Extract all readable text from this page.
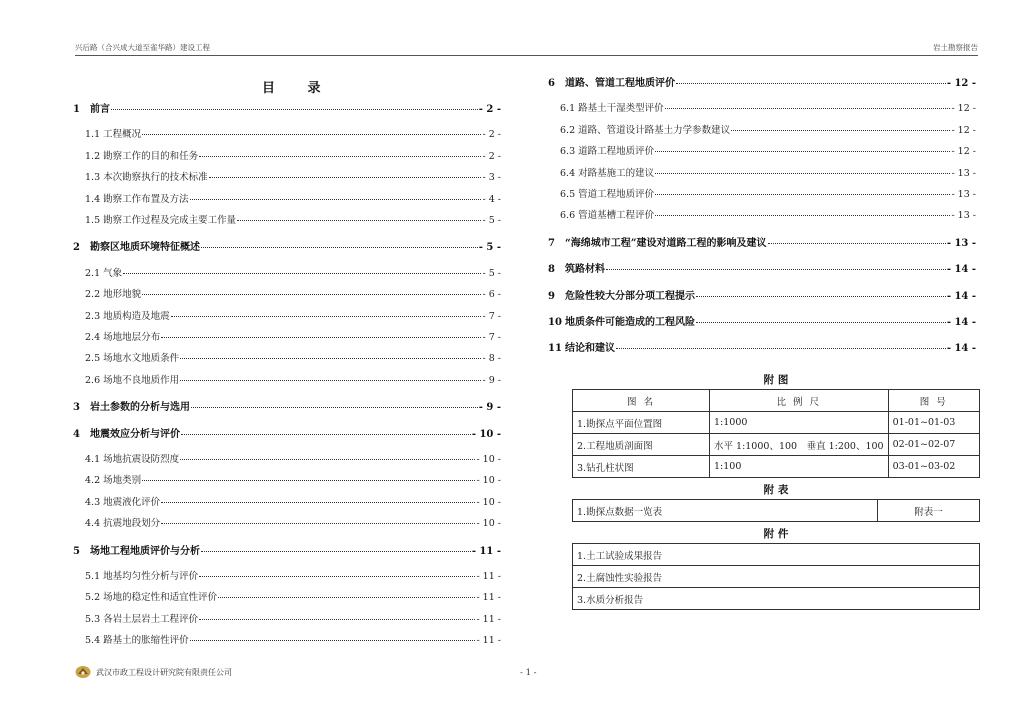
兴后路（合兴成大道至雀华路）建设工程	岩土勘察报告
目 录
1	前言	- 2 -
1.1 工程概况	- 2 -
1.2 勘察工作的目的和任务	- 2 -
1.3 本次勘察执行的技术标准	- 3 -
1.4 勘察工作布置及方法	- 4 -
1.5 勘察工作过程及完成主要工作量	- 5 -
2	勘察区地质环境特征概述	- 5 -
2.1 气象	- 5 -
2.2 地形地貌	- 6 -
2.3 地质构造及地震	- 7 -
2.4 场地地层分布	- 7 -
2.5 场地水文地质条件	- 8 -
2.6 场地不良地质作用	- 9 -
3	岩土参数的分析与选用	- 9 -
4	地震效应分析与评价	- 10 -
4.1 场地抗震设防烈度	- 10 -
4.2 场地类别	- 10 -
4.3 地震液化评价	- 10 -
4.4 抗震地段划分	- 10 -
5	场地工程地质评价与分析	- 11 -
5.1 地基均匀性分析与评价	- 11 -
5.2 场地的稳定性和适宜性评价	- 11 -
5.3 各岩土层岩土工程评价	- 11 -
5.4 路基土的胀缩性评价	- 11 -
6	道路、管道工程地质评价	- 12 -
6.1 路基土干湿类型评价	- 12 -
6.2 道路、管道设计路基土力学参数建议	- 12 -
6.3 道路工程地质评价	- 12 -
6.4 对路基施工的建议	- 13 -
6.5 管道工程地质评价	- 13 -
6.6 管道基槽工程评价	- 13 -
7	“海绵城市工程”建设对道路工程的影响及建议	- 13 -
8	筑路材料	- 14 -
9	危险性较大分部分项工程提示	- 14 -
10 地质条件可能造成的工程风险	- 14 -
11 结论和建议	- 14 -
附 图
图 名	比 例 尺	图 号
1.勘探点平面位置图	1:1000	01-01~01-03
2.工程地质剖面图	水平 1:1000、100　垂直 1:200、100	02-01~02-07
3.钻孔柱状图	1:100	03-01~03-02
附 表
1.勘探点数据一览表	附表一
附 件
1.土工试验成果报告
2.土腐蚀性实验报告
3.水质分析报告
武汉市政工程设计研究院有限责任公司	- 1 -
